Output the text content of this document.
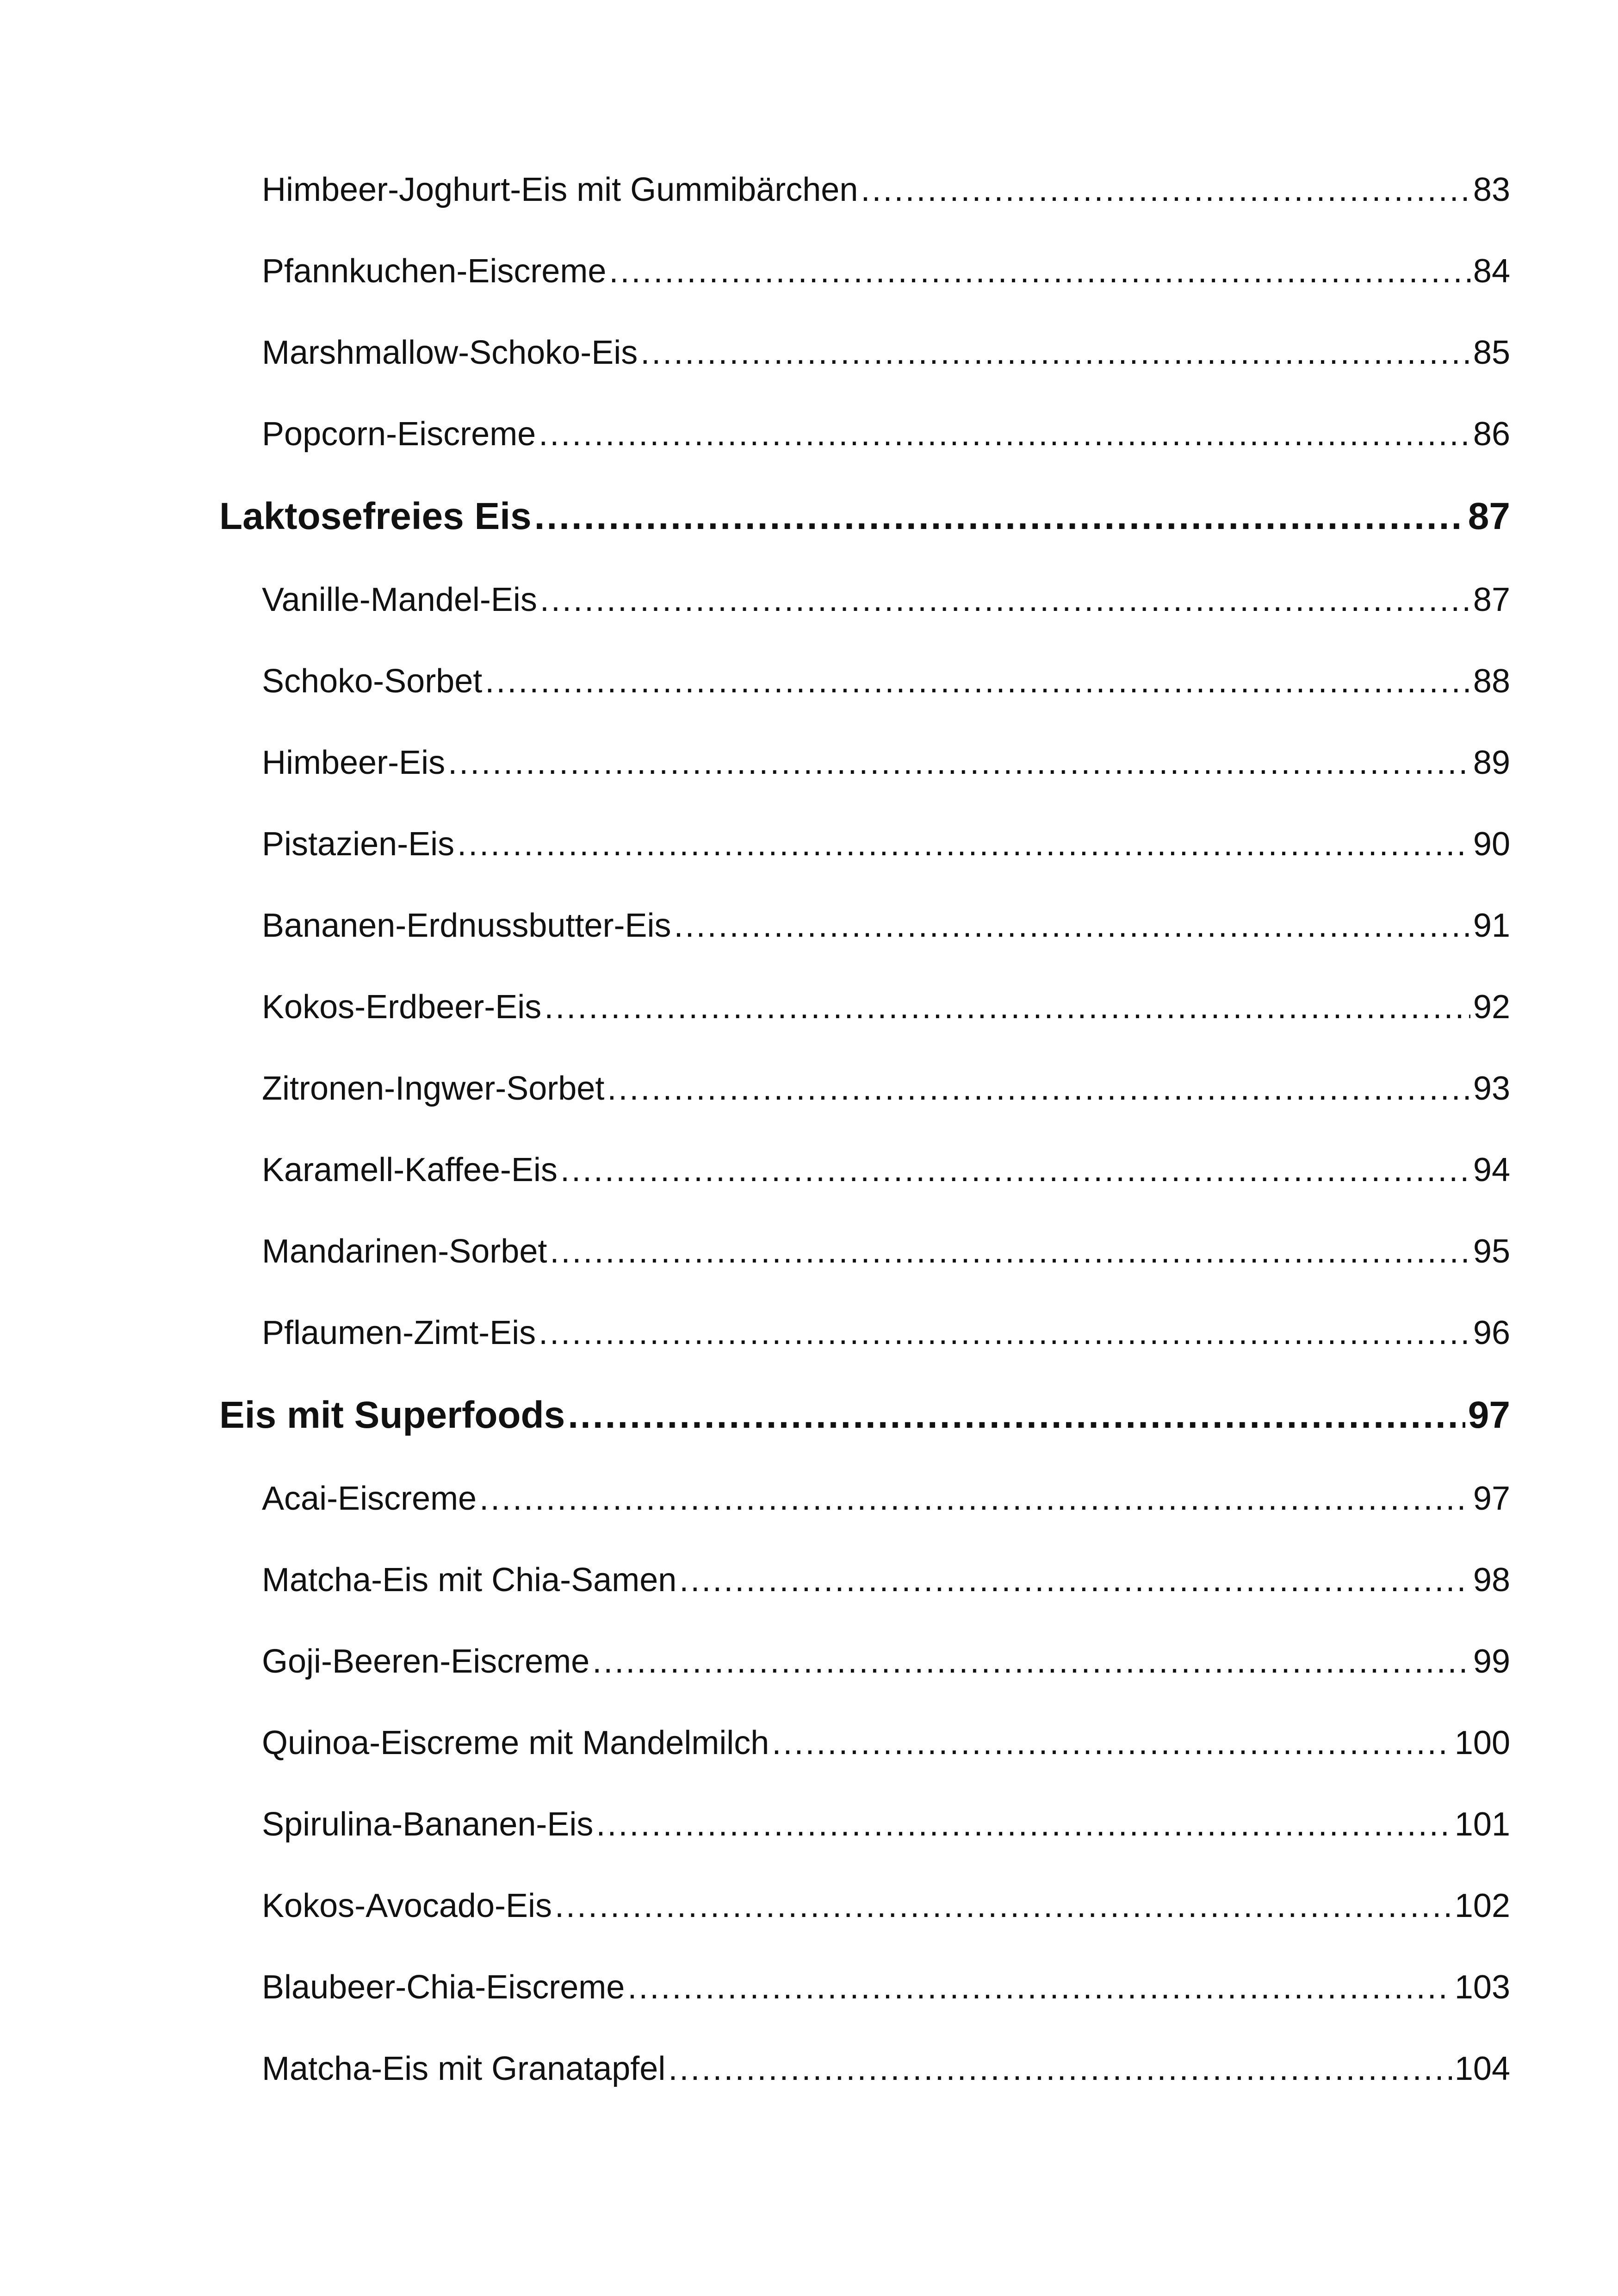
Himbeer-Joghurt-Eis mit Gummibärchen .....	83
Pfannkuchen-Eiscreme .....	84
Marshmallow-Schoko-Eis .....	85
Popcorn-Eiscreme .....	86
Laktosefreies Eis .....	87
Vanille-Mandel-Eis .....	87
Schoko-Sorbet .....	88
Himbeer-Eis .....	89
Pistazien-Eis .....	90
Bananen-Erdnussbutter-Eis .....	91
Kokos-Erdbeer-Eis .....	92
Zitronen-Ingwer-Sorbet .....	93
Karamell-Kaffee-Eis .....	94
Mandarinen-Sorbet .....	95
Pflaumen-Zimt-Eis .....	96
Eis mit Superfoods .....	97
Acai-Eiscreme .....	97
Matcha-Eis mit Chia-Samen .....	98
Goji-Beeren-Eiscreme .....	99
Quinoa-Eiscreme mit Mandelmilch .....	100
Spirulina-Bananen-Eis .....	101
Kokos-Avocado-Eis .....	102
Blaubeer-Chia-Eiscreme .....	103
Matcha-Eis mit Granatapfel .....	104
